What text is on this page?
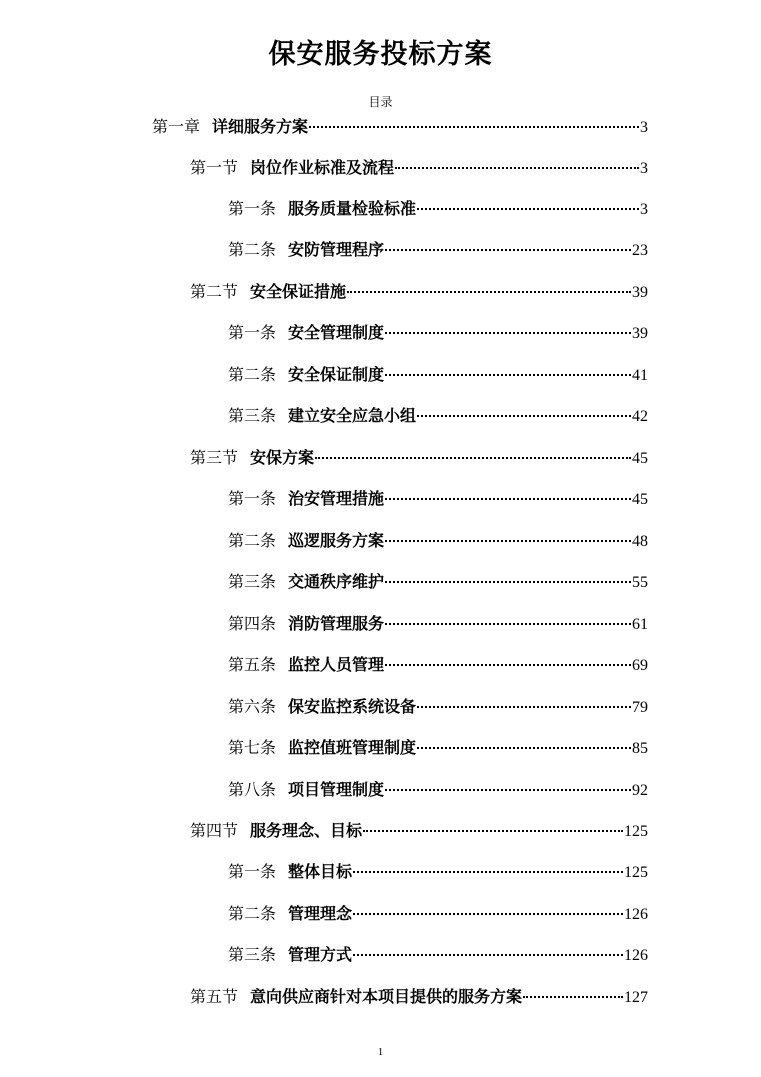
保安服务投标方案
目录
第一章 详细服务方案	3
第一节 岗位作业标准及流程	3
第一条 服务质量检验标准	3
第二条 安防管理程序	23
第二节 安全保证措施	39
第一条 安全管理制度	39
第二条 安全保证制度	41
第三条 建立安全应急小组	42
第三节 安保方案	45
第一条 治安管理措施	45
第二条 巡逻服务方案	48
第三条 交通秩序维护	55
第四条 消防管理服务	61
第五条 监控人员管理	69
第六条 保安监控系统设备	79
第七条 监控值班管理制度	85
第八条 项目管理制度	92
第四节 服务理念、目标	125
第一条 整体目标	125
第二条 管理理念	126
第三条 管理方式	126
第五节 意向供应商针对本项目提供的服务方案	127
1
